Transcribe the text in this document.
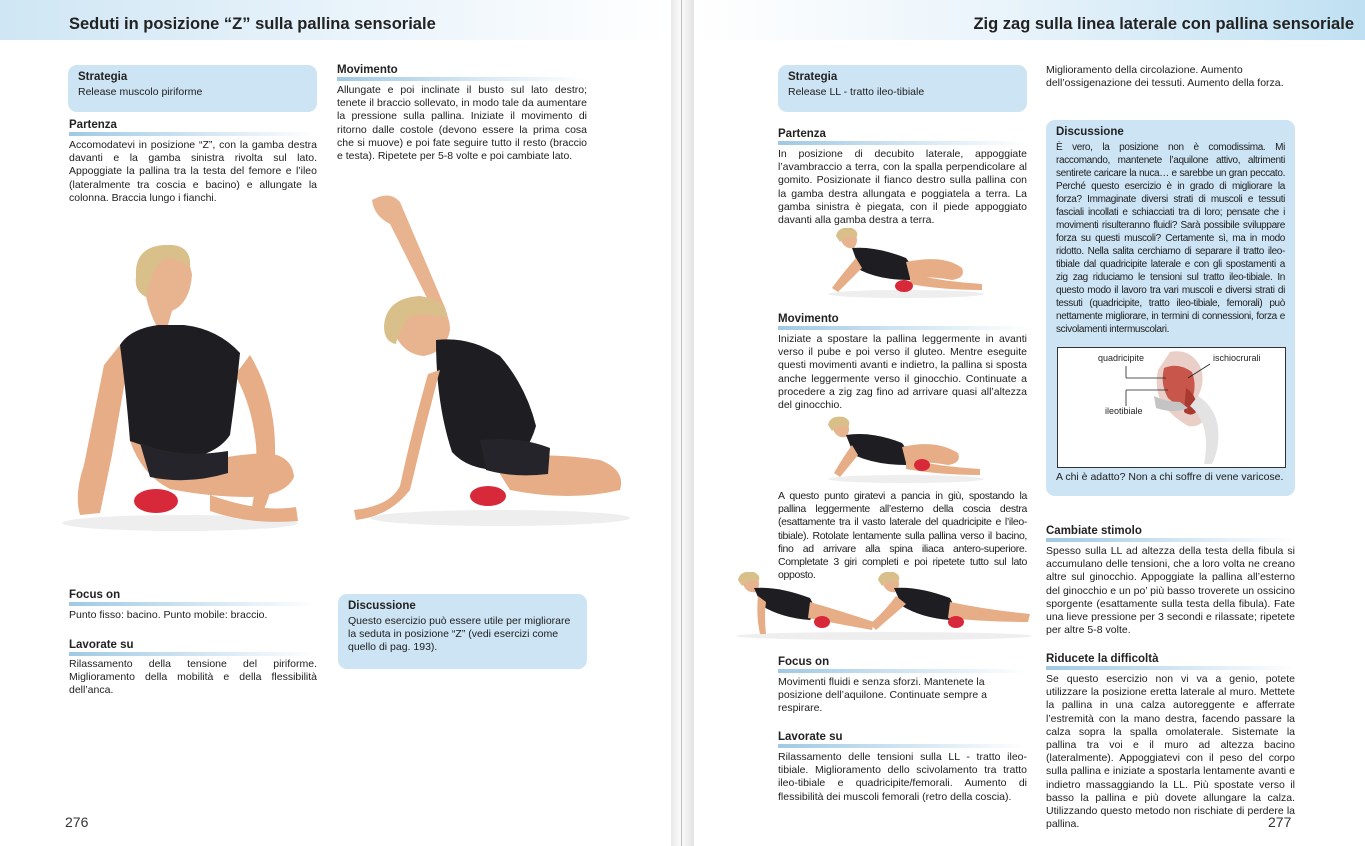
Seduti in posizione “Z” sulla pallina sensoriale
Strategia

Release muscolo piriforme

Partenza

Accomodatevi in posizione “Z”, con la gamba destra davanti e la gamba sinistra rivolta sul lato. Appoggiate la pallina tra la testa del femore e l’ileo (lateralmente tra coscia e bacino) e allungate la colonna. Braccia lungo i fianchi.

Movimento

Allungate e poi inclinate il busto sul lato destro; tenete il braccio sollevato, in modo tale da aumentare la pressione sulla pallina. Iniziate il movimento di ritorno dalle costole (devono essere la prima cosa che si muove) e poi fate seguire tutto il resto (braccio e testa). Ripetete per 5-8 volte e poi cambiate lato.

Focus on

Punto fisso: bacino. Punto mobile: braccio.

Lavorate su

Rilassamento della tensione del piriforme. Miglioramento della mobilità e della flessibilità dell’anca.

Discussione

Questo esercizio può essere utile per migliorare la seduta in posizione “Z” (vedi esercizi come quello di pag. 193).

276
Zig zag sulla linea laterale con pallina sensoriale
277
Strategia

Release LL - tratto ileo-tibiale

Partenza

In posizione di decubito laterale, appoggiate l’avambraccio a terra, con la spalla perpendicolare al gomito. Posizionate il fianco destro sulla pallina con la gamba destra allungata e poggiatela a terra. La gamba sinistra è piegata, con il piede appoggiato davanti alla gamba destra a terra.

Movimento

Iniziate a spostare la pallina leggermente in avanti verso il pube e poi verso il gluteo. Mentre eseguite questi movimenti avanti e indietro, la pallina si sposta anche leggermente verso il ginocchio. Continuate a procedere a zig zag fino ad arrivare quasi all’altezza del ginocchio.

A questo punto giratevi a pancia in giù, spostando la pallina leggermente all’esterno della coscia destra (esattamente tra il vasto laterale del quadricipite e l’ileo-tibiale). Rotolate lentamente sulla pallina verso il bacino, fino ad arrivare alla spina iliaca antero-superiore. Completate 3 giri completi e poi ripetete tutto sul lato opposto.

Focus on

Movimenti fluidi e senza sforzi. Mantenete la posizione dell’aquilone. Continuate sempre a respirare.

Lavorate su

Rilassamento delle tensioni sulla LL - tratto ileo-tibiale. Miglioramento dello scivolamento tra tratto ileo-tibiale e quadricipite/femorali. Aumento di flessibilità dei muscoli femorali (retro della coscia).

Miglioramento della circolazione. Aumento dell’ossigenazione dei tessuti. Aumento della forza.

Discussione

È vero, la posizione non è comodissima. Mi raccomando, mantenete l’aquilone attivo, altrimenti sentirete caricare la nuca… e sarebbe un gran peccato. Perché questo esercizio è in grado di migliorare la forza? Immaginate diversi strati di muscoli e tessuti fasciali incollati e schiacciati tra di loro; pensate che i movimenti risulteranno fluidi? Sarà possibile sviluppare forza su questi muscoli? Certamente sì, ma in modo ridotto. Nella salita cerchiamo di separare il tratto ileo-tibiale dal quadricipite laterale e con gli spostamenti a zig zag riduciamo le tensioni sul tratto ileo-tibiale. In questo modo il lavoro tra vari muscoli e diversi strati di tessuti (quadricipite, tratto ileo-tibiale, femorali) può nettamente migliorare, in termini di connessioni, forza e scivolamenti intermuscolari.

quadricipite	ischiocrurali
ileotibiale
A chi è adatto? Non a chi soffre di vene varicose.
Cambiate stimolo

Spesso sulla LL ad altezza della testa della fibula si accumulano delle tensioni, che a loro volta ne creano altre sul ginocchio. Appoggiate la pallina all’esterno del ginocchio e un po’ più basso troverete un ossicino sporgente (esattamente sulla testa della fibula). Fate una lieve pressione per 3 secondi e rilassate; ripetete per altre 5-8 volte.

Riducete la difficoltà

Se questo esercizio non vi va a genio, potete utilizzare la posizione eretta laterale al muro. Mettete la pallina in una calza autoreggente e afferrate l’estremità con la mano destra, facendo passare la calza sopra la spalla omolaterale. Sistemate la pallina tra voi e il muro ad altezza bacino (lateralmente). Appoggiatevi con il peso del corpo sulla pallina e iniziate a spostarla lentamente avanti e indietro massaggiando la LL. Più spostate verso il basso la pallina e più dovete allungare la calza. Utilizzando questo metodo non rischiate di perdere la pallina.
